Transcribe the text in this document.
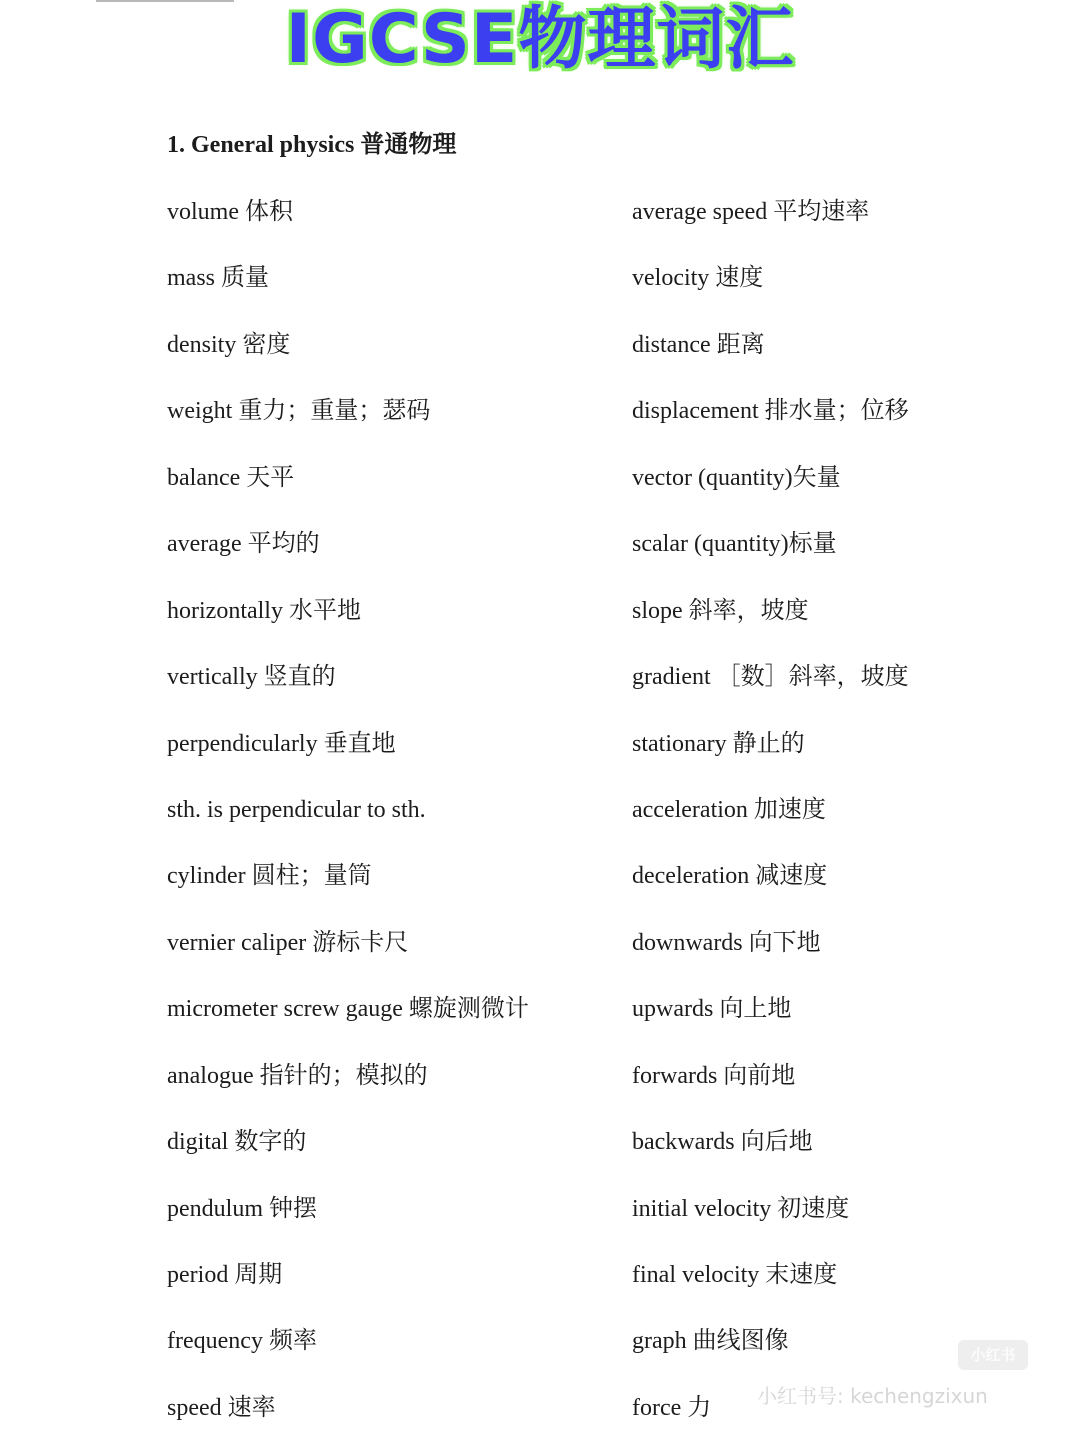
IGCSE物理词汇
1. General physics 普通物理
volume 体积
mass 质量
density 密度
weight 重力；重量；瑟码
balance 天平
average 平均的
horizontally 水平地
vertically 竖直的
perpendicularly 垂直地
sth. is perpendicular to sth.
cylinder 圆柱；量筒
vernier caliper 游标卡尺
micrometer screw gauge 螺旋测微计
analogue 指针的；模拟的
digital 数字的
pendulum 钟摆
period 周期
frequency 频率
speed 速率
average speed 平均速率
velocity 速度
distance 距离
displacement 排水量；位移
vector (quantity)矢量
scalar (quantity)标量
slope 斜率，坡度
gradient ［数］斜率，坡度
stationary 静止的
acceleration 加速度
deceleration 减速度
downwards 向下地
upwards 向上地
forwards 向前地
backwards 向后地
initial velocity 初速度
final velocity 末速度
graph 曲线图像
force 力
小红书
小红书号: kechengzixun
